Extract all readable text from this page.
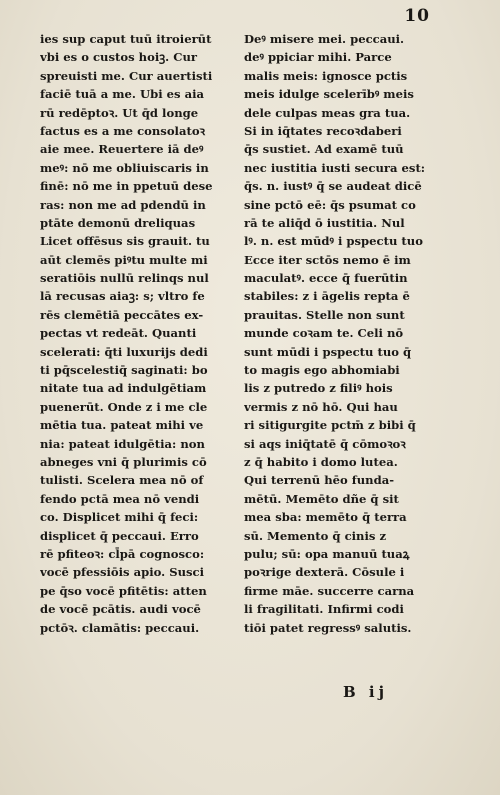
10
ies sup caput tuū itroierūt
vbi es o custos hoiꝫ. Cur
spreuisti me. Cur auertisti
faciē tuā a me. Ubi es aia
rū redēptoꝛ. Ut q̄d longe
factus es a me consolatoꝛ
aie mee. Reuertere iā deꝰ
meꝰ: nō me obliuiscaris in
finē: nō me in ppetuū dese
ras: non me ad pdendū in
ptāte demonū dreliquas
Licet offēsus sis grauit. tu
aūt clemēs piꝰtu multe mi
seratiōis nullū relinqs nul
lā recusas aiaꝫ: s; vltro fe
rēs clemētiā peccātes ex-
pectas vt redeāt. Quanti
scelerati: q̄ti luxurijs dedi
ti pq̄scelestiq̄ saginati: bo
nitate tua ad indulgētiam
puenerūt. Onde z i me cle
mētia tua. pateat mihi ve
nia: pateat idulgētia: non
abneges vni q̄ plurimis cō
tulisti. Scelera mea nō of
fendo pctā mea nō vendi
co. Displicet mihi q̄ feci:
displicet q̄ peccaui. Erro
rē pfiteoꝛ: cl̄pā cognosco:
vocē pfessiōis apio. Susci
pe q̄so vocē pfitētis: atten
de vocē pcātis. audi vocē
pctōꝛ. clamātis: peccaui.
Deꝰ misere mei. peccaui.
deꝰ ppiciar mihi. Parce
malis meis: ignosce pctis
meis idulge scelerībꝰ meis
dele culpas meas gra tua.
Si in iq̄tates recoꝛdaberi
q̄s sustiet. Ad examē tuū
nec iustitia iusti secura est:
q̄s. n. iustꝰ q̄ se audeat dicē
sine pctō eē: q̄s psumat co
rā te aliq̄d ō iustitia. Nul
lꝰ. n. est mūdꝰ i pspectu tuo
Ecce iter sctōs nemo ē im
maculatꝰ. ecce q̄ fuerūtin
stabiles: z i āgelis repta ē
prauitas. Stelle non sunt
munde coꝛam te. Celi nō
sunt mūdi i pspectu tuo q̄
to magis ego abhomiabi
lis z putredo z filiꝰ hois
vermis z nō hō. Qui hau
ri sitigurgite pctm̄ z bibi q̄
si aqs iniq̄tatē q̄ cōmoꝛoꝛ
z q̄ habito i domo lutea.
Qui terrenū hēo funda-
mētū. Memēto dñe q̄ sit
mea sba: memēto q̄ terra
sū. Memento q̄ cinis z
pulu; sū: opa manuū tuaꝝ
poꝛrige dexterā. Cōsule i
firme māe. succerre carna
li fragilitati. Infirmi codi
tiōi patet regressꝰ salutis.
B ij
